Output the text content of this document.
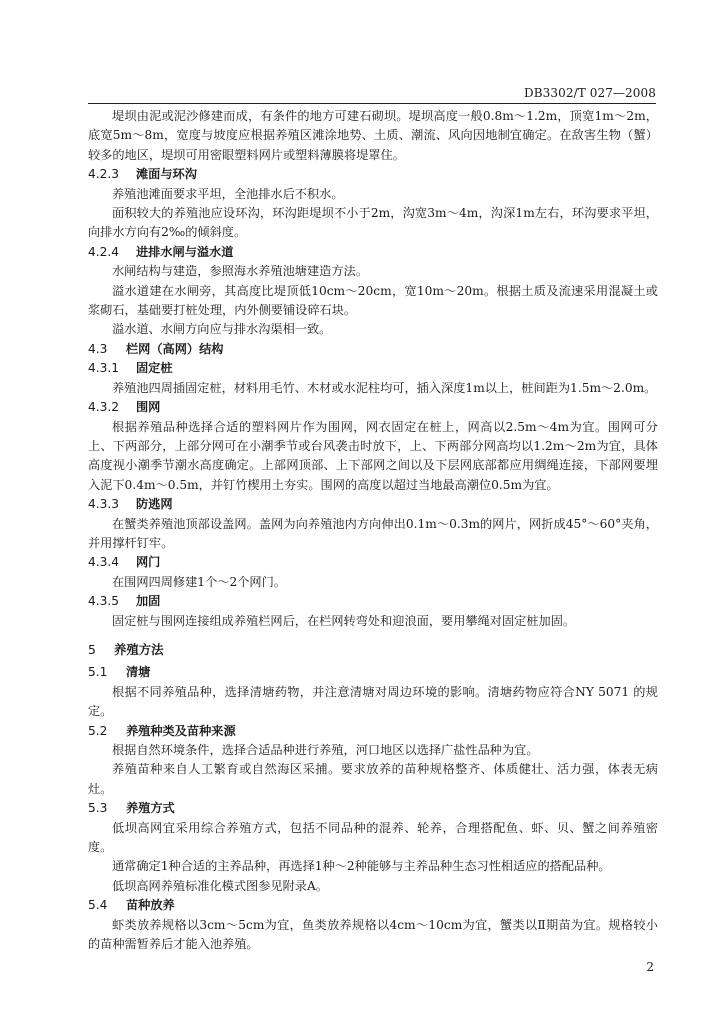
DB3302/T 027—2008

堤坝由泥或泥沙修建而成，有条件的地方可建石砌坝。堤坝高度一般0.8m～1.2m，顶宽1m～2m，底宽5m～8m，宽度与坡度应根据养殖区滩涂地势、土质、潮流、风向因地制宜确定。在敌害生物（蟹）较多的地区，堤坝可用密眼塑料网片或塑料薄膜将堤罩住。

4.2.3 滩面与环沟

养殖池滩面要求平坦，全池排水后不积水。

面积较大的养殖池应设环沟，环沟距堤坝不小于2m，沟宽3m～4m，沟深1m左右，环沟要求平坦，向排水方向有2‰的倾斜度。

4.2.4 进排水闸与溢水道

水闸结构与建造，参照海水养殖池塘建造方法。

溢水道建在水闸旁，其高度比堤顶低10cm～20cm，宽10m～20m。根据土质及流速采用混凝土或浆砌石，基础要打桩处理，内外侧要铺设碎石块。

溢水道、水闸方向应与排水沟渠相一致。

4.3 栏网（高网）结构
4.3.1 固定桩

养殖池四周插固定桩，材料用毛竹、木材或水泥柱均可，插入深度1m以上，桩间距为1.5m～2.0m。

4.3.2 围网

根据养殖品种选择合适的塑料网片作为围网，网衣固定在桩上，网高以2.5m～4m为宜。围网可分上、下两部分，上部分网可在小潮季节或台风袭击时放下，上、下两部分网高均以1.2m～2m为宜，具体高度视小潮季节潮水高度确定。上部网顶部、上下部网之间以及下层网底部都应用绸绳连接，下部网要埋入泥下0.4m～0.5m，并钉竹楔用土夯实。围网的高度以超过当地最高潮位0.5m为宜。

4.3.3 防逃网

在蟹类养殖池顶部设盖网。盖网为向养殖池内方向伸出0.1m～0.3m的网片，网折成45°～60°夹角，并用撑杆钉牢。

4.3.4 网门

在围网四周修建1个～2个网门。

4.3.5 加固

固定桩与围网连接组成养殖栏网后，在栏网转弯处和迎浪面，要用攀绳对固定桩加固。

5 养殖方法
5.1 清塘

根据不同养殖品种，选择清塘药物，并注意清塘对周边环境的影响。清塘药物应符合NY 5071 的规定。

5.2 养殖种类及苗种来源

根据自然环境条件，选择合适品种进行养殖，河口地区以选择广盐性品种为宜。

养殖苗种来自人工繁育或自然海区采捕。要求放养的苗种规格整齐、体质健壮、活力强，体表无病灶。

5.3 养殖方式

低坝高网宜采用综合养殖方式，包括不同品种的混养、轮养，合理搭配鱼、虾、贝、蟹之间养殖密度。

通常确定1种合适的主养品种，再选择1种～2种能够与主养品种生态习性相适应的搭配品种。

低坝高网养殖标准化模式图参见附录A。

5.4 苗种放养

虾类放养规格以3cm～5cm为宜，鱼类放养规格以4cm～10cm为宜，蟹类以Ⅱ期苗为宜。规格较小的苗种需暂养后才能入池养殖。

2
